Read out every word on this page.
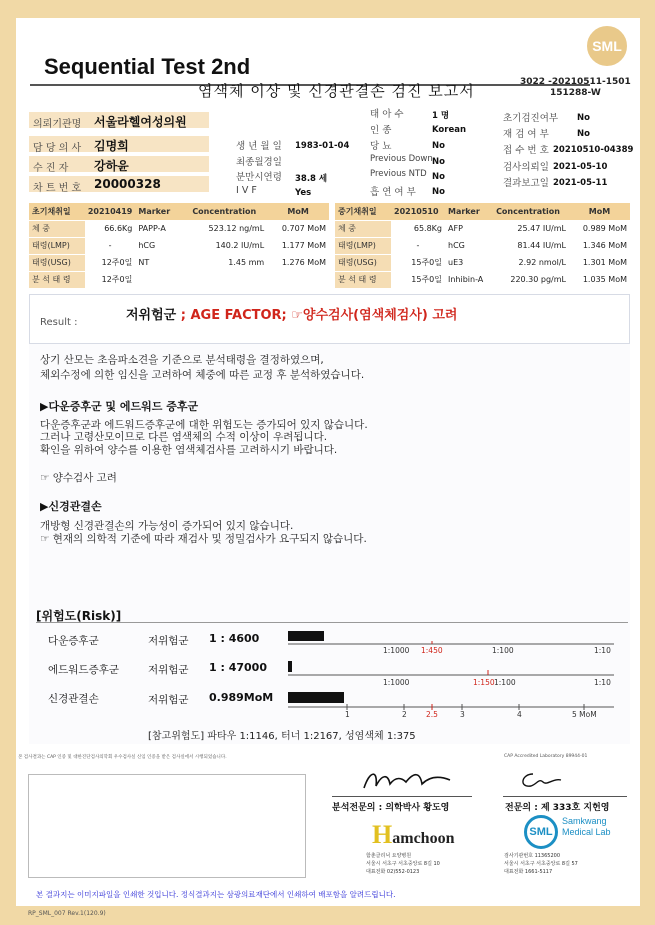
SML
Sequential Test 2nd
염색체 이상 및 신경관결손 검진 보고서	3022 -20210511-1501
151288-W
의뢰기관명 서울라헬여성의원
담 당 의 사 김명희
수 진 자 강하윤
차 트 번 호 20000328
생 년 월 일 1983-01-04
최종월경일
분만시연령 38.8 세
I V F	Yes
태 아 수	1 명
인 종	Korean
당 뇨	No
Previous Down No
Previous NTD No
흡 연 여 부 No
초기검진여부 No
재 검 여 부	No
접 수 번 호 20210510-04389
검사의뢰일 2021-05-10
결과보고일 2021-05-11
초기채취일	20210419	Marker	Concentration	MoM
체 중	66.6Kg	PAPP-A	523.12 ng/mL	0.707 MoM
태령(LMP)	-	hCG	140.2 IU/mL	1.177 MoM
태령(USG)	12주0일	NT	1.45 mm	1.276 MoM
분 석 태 령	12주0일			
중기채취일	20210510	Marker	Concentration	MoM
체 중	65.8Kg	AFP	25.47 IU/mL	0.989 MoM
태령(LMP)	-	hCG	81.44 IU/mL	1.346 MoM
태령(USG)	15주0일	uE3	2.92 nmol/L	1.301 MoM
분 석 태 령	15주0일	Inhibin-A	220.30 pg/mL	1.035 MoM
Result :	저위험군 ; AGE FACTOR; ☞양수검사(염색체검사) 고려
상기 산모는 초음파소견을 기준으로 분석태령을 결정하였으며,
체외수정에 의한 임신을 고려하여 체중에 따른 교정 후 분석하였습니다.
▶다운증후군 및 에드워드 증후군
다운증후군과 에드워드증후군에 대한 위험도는 증가되어 있지 않습니다.
그러나 고령산모이므로 다른 염색체의 수적 이상이 우려됩니다.
확인을 위하여 양수를 이용한 염색체검사를 고려하시기 바랍니다.
☞ 양수검사 고려
▶신경관결손
개방형 신경관결손의 가능성이 증가되어 있지 않습니다.
☞ 현재의 의학적 기준에 따라 재검사 및 정밀검사가 요구되지 않습니다.
[위험도(Risk)]
다운증후군	저위험군 1 : 4600
에드워드증후군	저위험군 1 : 47000
신경관결손	저위험군 0.989MoM
1:1000 1:450	1:100	1:10
1:1000	1:150 1:100	1:10
1	2	2.5	3	4	5 MoM
[참고위험도] 파타우 1:1146, 터너 1:2167, 성염색체 1:375
본 검사결과는 CAP 인증 및 대한진단검사의학회 우수검사실 신임 인증을 받은 검사실에서 시행되었습니다.	CAP Accredited Laboratory 89944-01
분석전문의 : 의학박사 황도영	전문의 : 제 333호 지헌영
Hamchoon
함춘클리닉 요양병원
서울시 서초구 서초중앙로 8길 10
대표전화 02)552-0123
SML
Samkwang
Medical Lab
검사기관번호 11365200
서울시 서초구 서초중앙로 8길 57
대표전화 1661-5117
본 결과지는 이미지파일을 인쇄한 것입니다. 정식결과지는 삼광의료재단에서 인쇄하여 배포함을 알려드립니다.
RP_SML_007 Rev.1(120.9)
